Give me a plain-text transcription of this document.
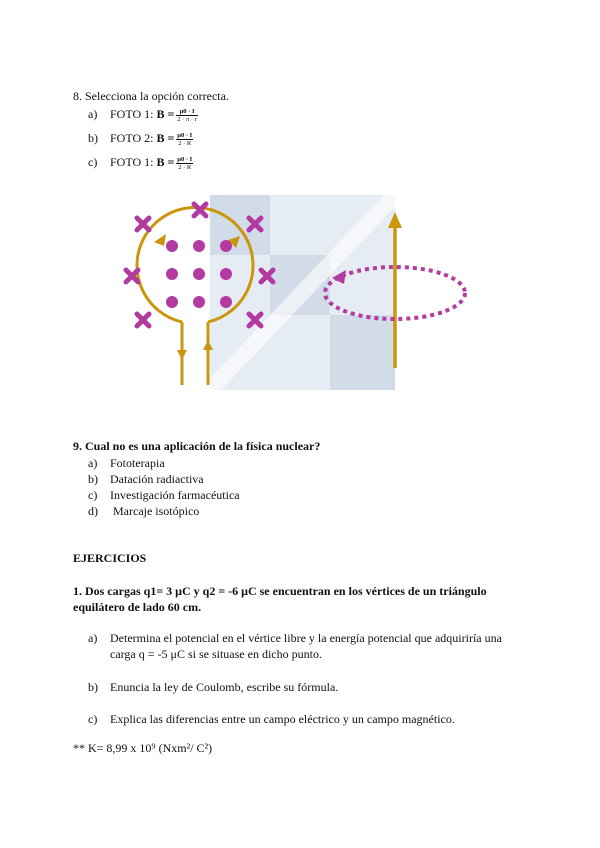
8. Selecciona la opción correcta.
a) FOTO 1: $B = \frac{\mu 0 \cdot I}{2 \cdot \pi \cdot r}$
b) FOTO 2: $B = \frac{\mu 0 \cdot I}{2 \cdot R}$
c) FOTO 1: $B = \frac{\mu 0 \cdot I}{2 \cdot R}$
9. Cual no es una aplicación de la física nuclear?
a) Fototerapia
b) Datación radiactiva
c) Investigación farmacéutica
d) Marcaje isotópico
EJERCICIOS
1. Dos cargas q1= 3 μC y q2 = -6 μC se encuentran en los vértices de un triángulo
equilátero de lado 60 cm.
a) Determina el potencial en el vértice libre y la energía potencial que adquiriría una
carga q = -5 μC si se situase en dicho punto.
b) Enuncia la ley de Coulomb, escribe su fórmula.
c) Explica las diferencias entre un campo eléctrico y un campo magnético.
** K= 8,99 x 10⁹ (Nxm²/ C²)
